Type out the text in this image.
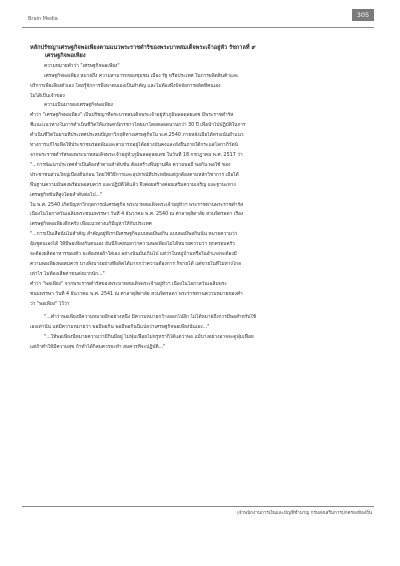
Brain Media	305
หลักปรัชญาเศรษฐกิจพอเพียงตามแนวพระราชดำริของพระบาทสมเด็จพระเจ้าอยู่หัว รัชกาลที่ ๙
เศรษฐกิจพอเพียง

ความหมายคำว่า "เศรษฐกิจพอเพียง"

เศรษฐกิจพอเพียง หมายถึง ความสามารถของชุมชน เมือง รัฐ หรือประเทศ ในการผลิตสินค้าและ

บริการเพื่อเลี้ยงตัวเอง โดยรู้จักการพึ่งพาตนเองเป็นสำคัญ และไม่ต้องพึ่งปัจจัยการผลิตที่คนเอง

ไม่ได้เป็นเจ้าของ

ความเป็นมาของเศรษฐกิจพอเพียง

คำว่า "เศรษฐกิจพอเพียง" เป็นปรัชญาที่พระบาทสมเด็จพระเจ้าอยู่หัวภูมิพลอดุลยเดช มีพระราชดำรัส

ชี้แนะแนวทางในการดำเนินชีวิตให้แก่พสกนิกรชาวไทยมาโดยตลอดนานกว่า 30 ปี เพื่อนำไปปฏิบัติในการ

ดำเนินชีวิตในยามที่ประเทศประสบปัญหาวิกฤติทางเศรษฐกิจใน พ.ศ.2540 ภายหลังเมื่อได้ทรงเน้นย้ำแนว

ทางการแก้ไขเพื่อให้ประชาชนรอดพ้นและสามารถอยู่ได้อย่างมั่นคงและยั่งยืนภายใต้กระแสโลกาภิวัตน์

จากพระราชดำรัสของพระบาทสมเด็จพระเจ้าอยู่หัวภูมิพลอดุลยเดช ในวันที่ 18 กรกฎาคม พ.ศ. 2517 ว่า

"...การพัฒนาประเทศจำเป็นต้องทำตามลำดับขั้น ต้องสร้างพื้นฐานคือ ความพอมี พอกิน พอใช้ ของ

ประชาชนส่วนใหญ่เบื้องต้นก่อน โดยใช้วิธีการและอุปกรณ์ที่ประหยัดแต่ถูกต้องตามหลักวิชาการ เมื่อได้

พื้นฐานความมั่นคงพร้อมพอสมควร และปฏิบัติได้แล้ว จึงค่อยสร้างค่อยเสริมความเจริญ และฐานะทาง

เศรษฐกิจขั้นที่สูงโดยลำดับต่อไป..."

ใน พ.ศ. 2540 เกิดปัญหาวิกฤตการณ์เศรษฐกิจ พระบาทสมเด็จพระเจ้าอยู่หัวฯ พระราชทานพระราชดำรัส

เนื่องในโอกาสวันเฉลิมพระชนมพรรษา วันที่ 4 ธันวาคม พ.ศ. 2540 ณ ศาลาดุสิดาลัย สวนจิตรลดา เรื่อง

เศรษฐกิจพอเพียงอีกครั้ง เพื่อแนวทางแก้ปัญหาให้กับประเทศ

"...การเป็นเสือนั้นไม่สำคัญ สำคัญอยู่ที่เรามีเศรษฐกิจแบบพอมีพอกิน แบบพอมีพอกินนั้น หมายความว่า

อุ้มชูตนเองได้ ให้มีพอเพียงกับตนเอง อันนี้ก็เคยบอกว่าความพอเพียงไม่ได้หมายความว่า ทุกครอบครัว

จะต้องผลิตอาหารของตัว จะต้องทอผ้าใส่เอง อย่างนั้นมันเกินไป แต่ว่าในหมู่บ้านหรือในอำเภอจะต้องมี

ความพอเพียงพอสมควร บางสิ่งบางอย่างที่ผลิตได้มากกว่าความต้องการ ก็ขายได้ แต่ขายในที่ไม่ห่างไกล

เท่าไร ไม่ต้องเสียค่าขนส่งมากนัก..."

คำว่า "พอเพียง" จากพระราชดำรัสของพระบาทสมเด็จพระเจ้าอยู่หัวฯ เนื่องในโอกาสวันเฉลิมพระ

ชนมพรรษา วันที่ 4 ธันวาคม พ.ศ. 2541 ณ ศาลาดุสิดาลัย สวนจิตรลดา พระราชทานความหมายของคำ

ว่า "พอเพียง" ไว้ว่า

"...คำว่าพอเพียงมีความหมายอีกอย่างหนึ่ง มีความหมายกว้างออกไปอีก ไม่ได้หมายถึงการมีพอสำหรับใช้

เองเท่านั้น แต่มีความหมายว่า พอมีพอกิน พอมีพอกินนี้แปลว่าเศรษฐกิจพอเพียงนั้นเอง..."

"...ให้พอเพียงนี้หมายความว่ามีกินมีอยู่ ไม่ฟุ่มเฟือยไม่หรูหราก็ได้แต่ว่าพอ แม้บางอย่างอาจจะดูฟุ่มเฟือย

แต่ถ้าทำให้มีความสุข ถ้าทำได้ก็สมควรจะทำ สมควรที่จะปฏิบัติ..."

เจ้าพนักงานการเงินและบัญชีชำนาญ กรมส่งเสริมการปกครองท้องถิ่น
